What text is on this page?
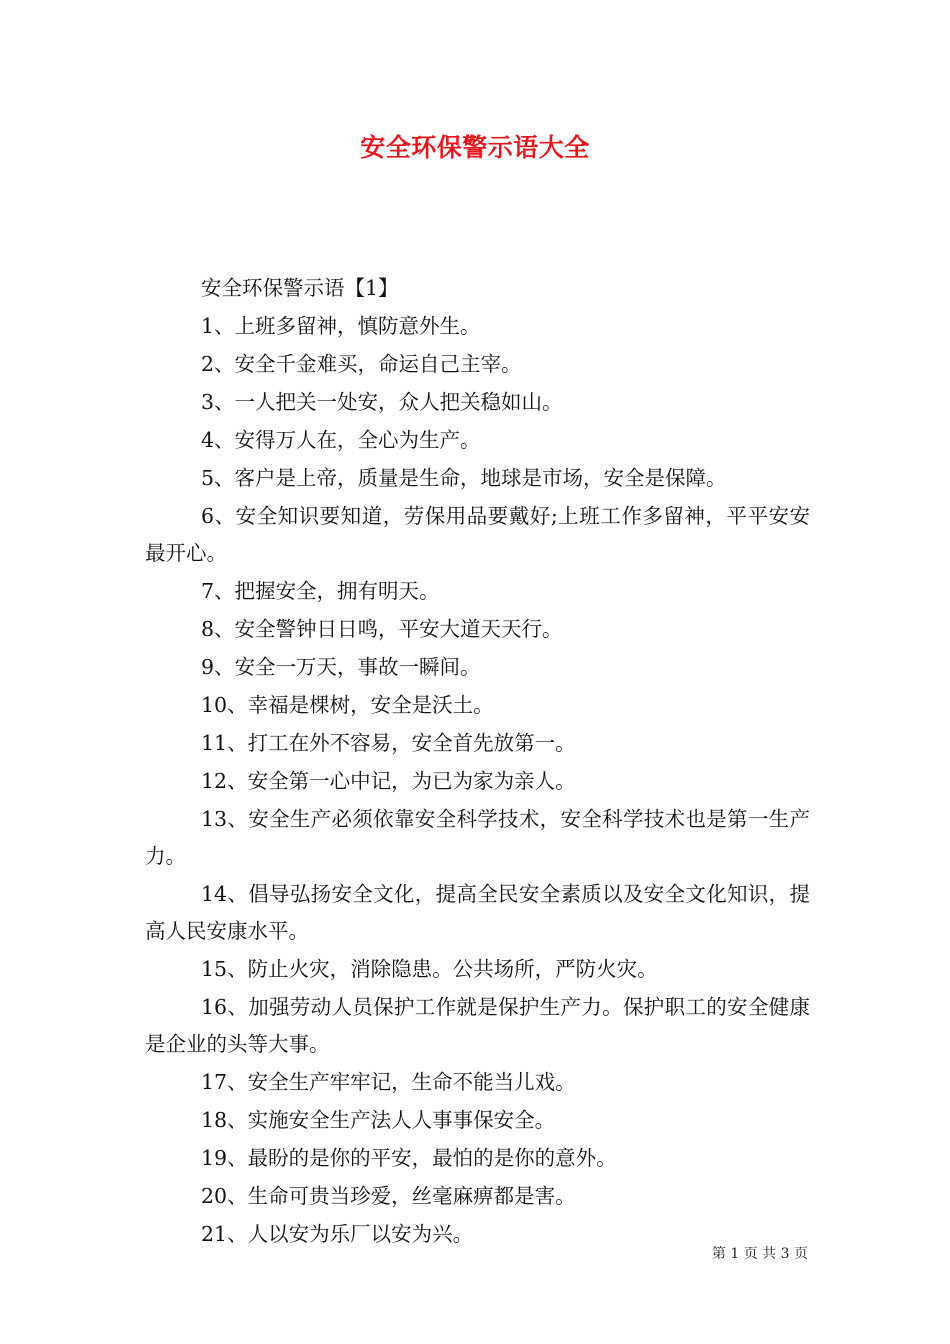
安全环保警示语大全

安全环保警示语【1】

1、上班多留神，慎防意外生。

2、安全千金难买，命运自己主宰。

3、一人把关一处安，众人把关稳如山。

4、安得万人在，全心为生产。

5、客户是上帝，质量是生命，地球是市场，安全是保障。

6、安全知识要知道，劳保用品要戴好;上班工作多留神，平平安安最开心。

7、把握安全，拥有明天。

8、安全警钟日日鸣，平安大道天天行。

9、安全一万天，事故一瞬间。

10、幸福是棵树，安全是沃土。

11、打工在外不容易，安全首先放第一。

12、安全第一心中记，为已为家为亲人。

13、安全生产必须依靠安全科学技术，安全科学技术也是第一生产力。

14、倡导弘扬安全文化，提高全民安全素质以及安全文化知识，提高人民安康水平。

15、防止火灾，消除隐患。公共场所，严防火灾。

16、加强劳动人员保护工作就是保护生产力。保护职工的安全健康是企业的头等大事。

17、安全生产牢牢记，生命不能当儿戏。

18、实施安全生产法人人事事保安全。

19、最盼的是你的平安，最怕的是你的意外。

20、生命可贵当珍爱，丝毫麻痹都是害。

21、人以安为乐厂以安为兴。

第 1 页 共 3 页
